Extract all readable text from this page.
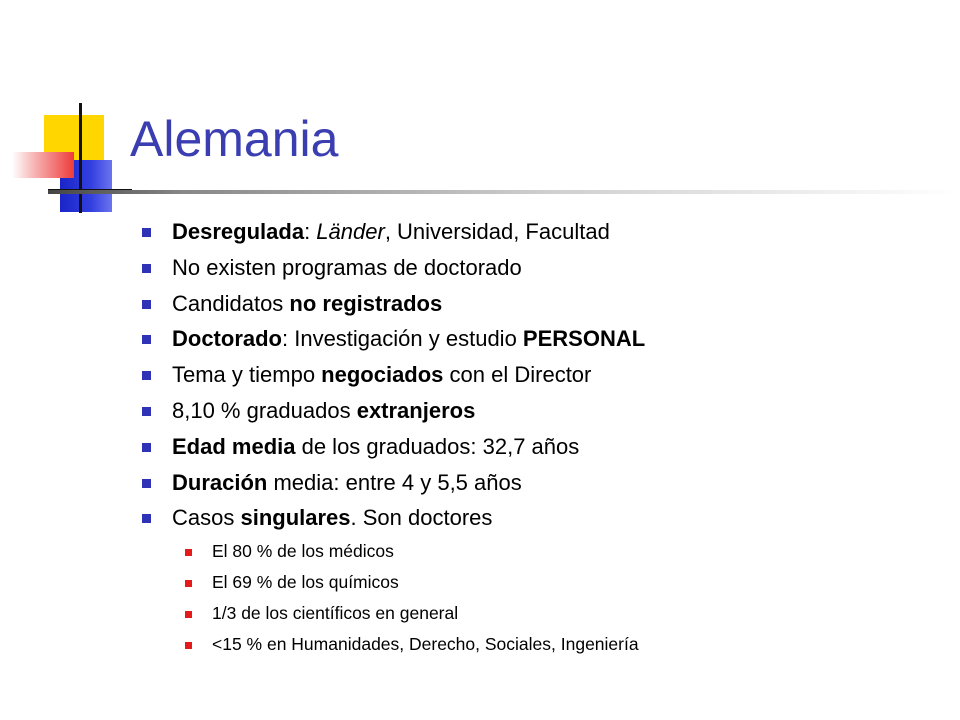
Alemania
Desregulada: Länder, Universidad, Facultad
No existen programas de doctorado
Candidatos no registrados
Doctorado: Investigación y estudio PERSONAL
Tema y tiempo negociados con el Director
8,10 % graduados extranjeros
Edad media de los graduados: 32,7 años
Duración media: entre 4 y 5,5 años
Casos singulares. Son doctores
El 80 % de los médicos
El 69 % de los químicos
1/3 de los científicos en general
<15 % en Humanidades, Derecho, Sociales, Ingeniería
